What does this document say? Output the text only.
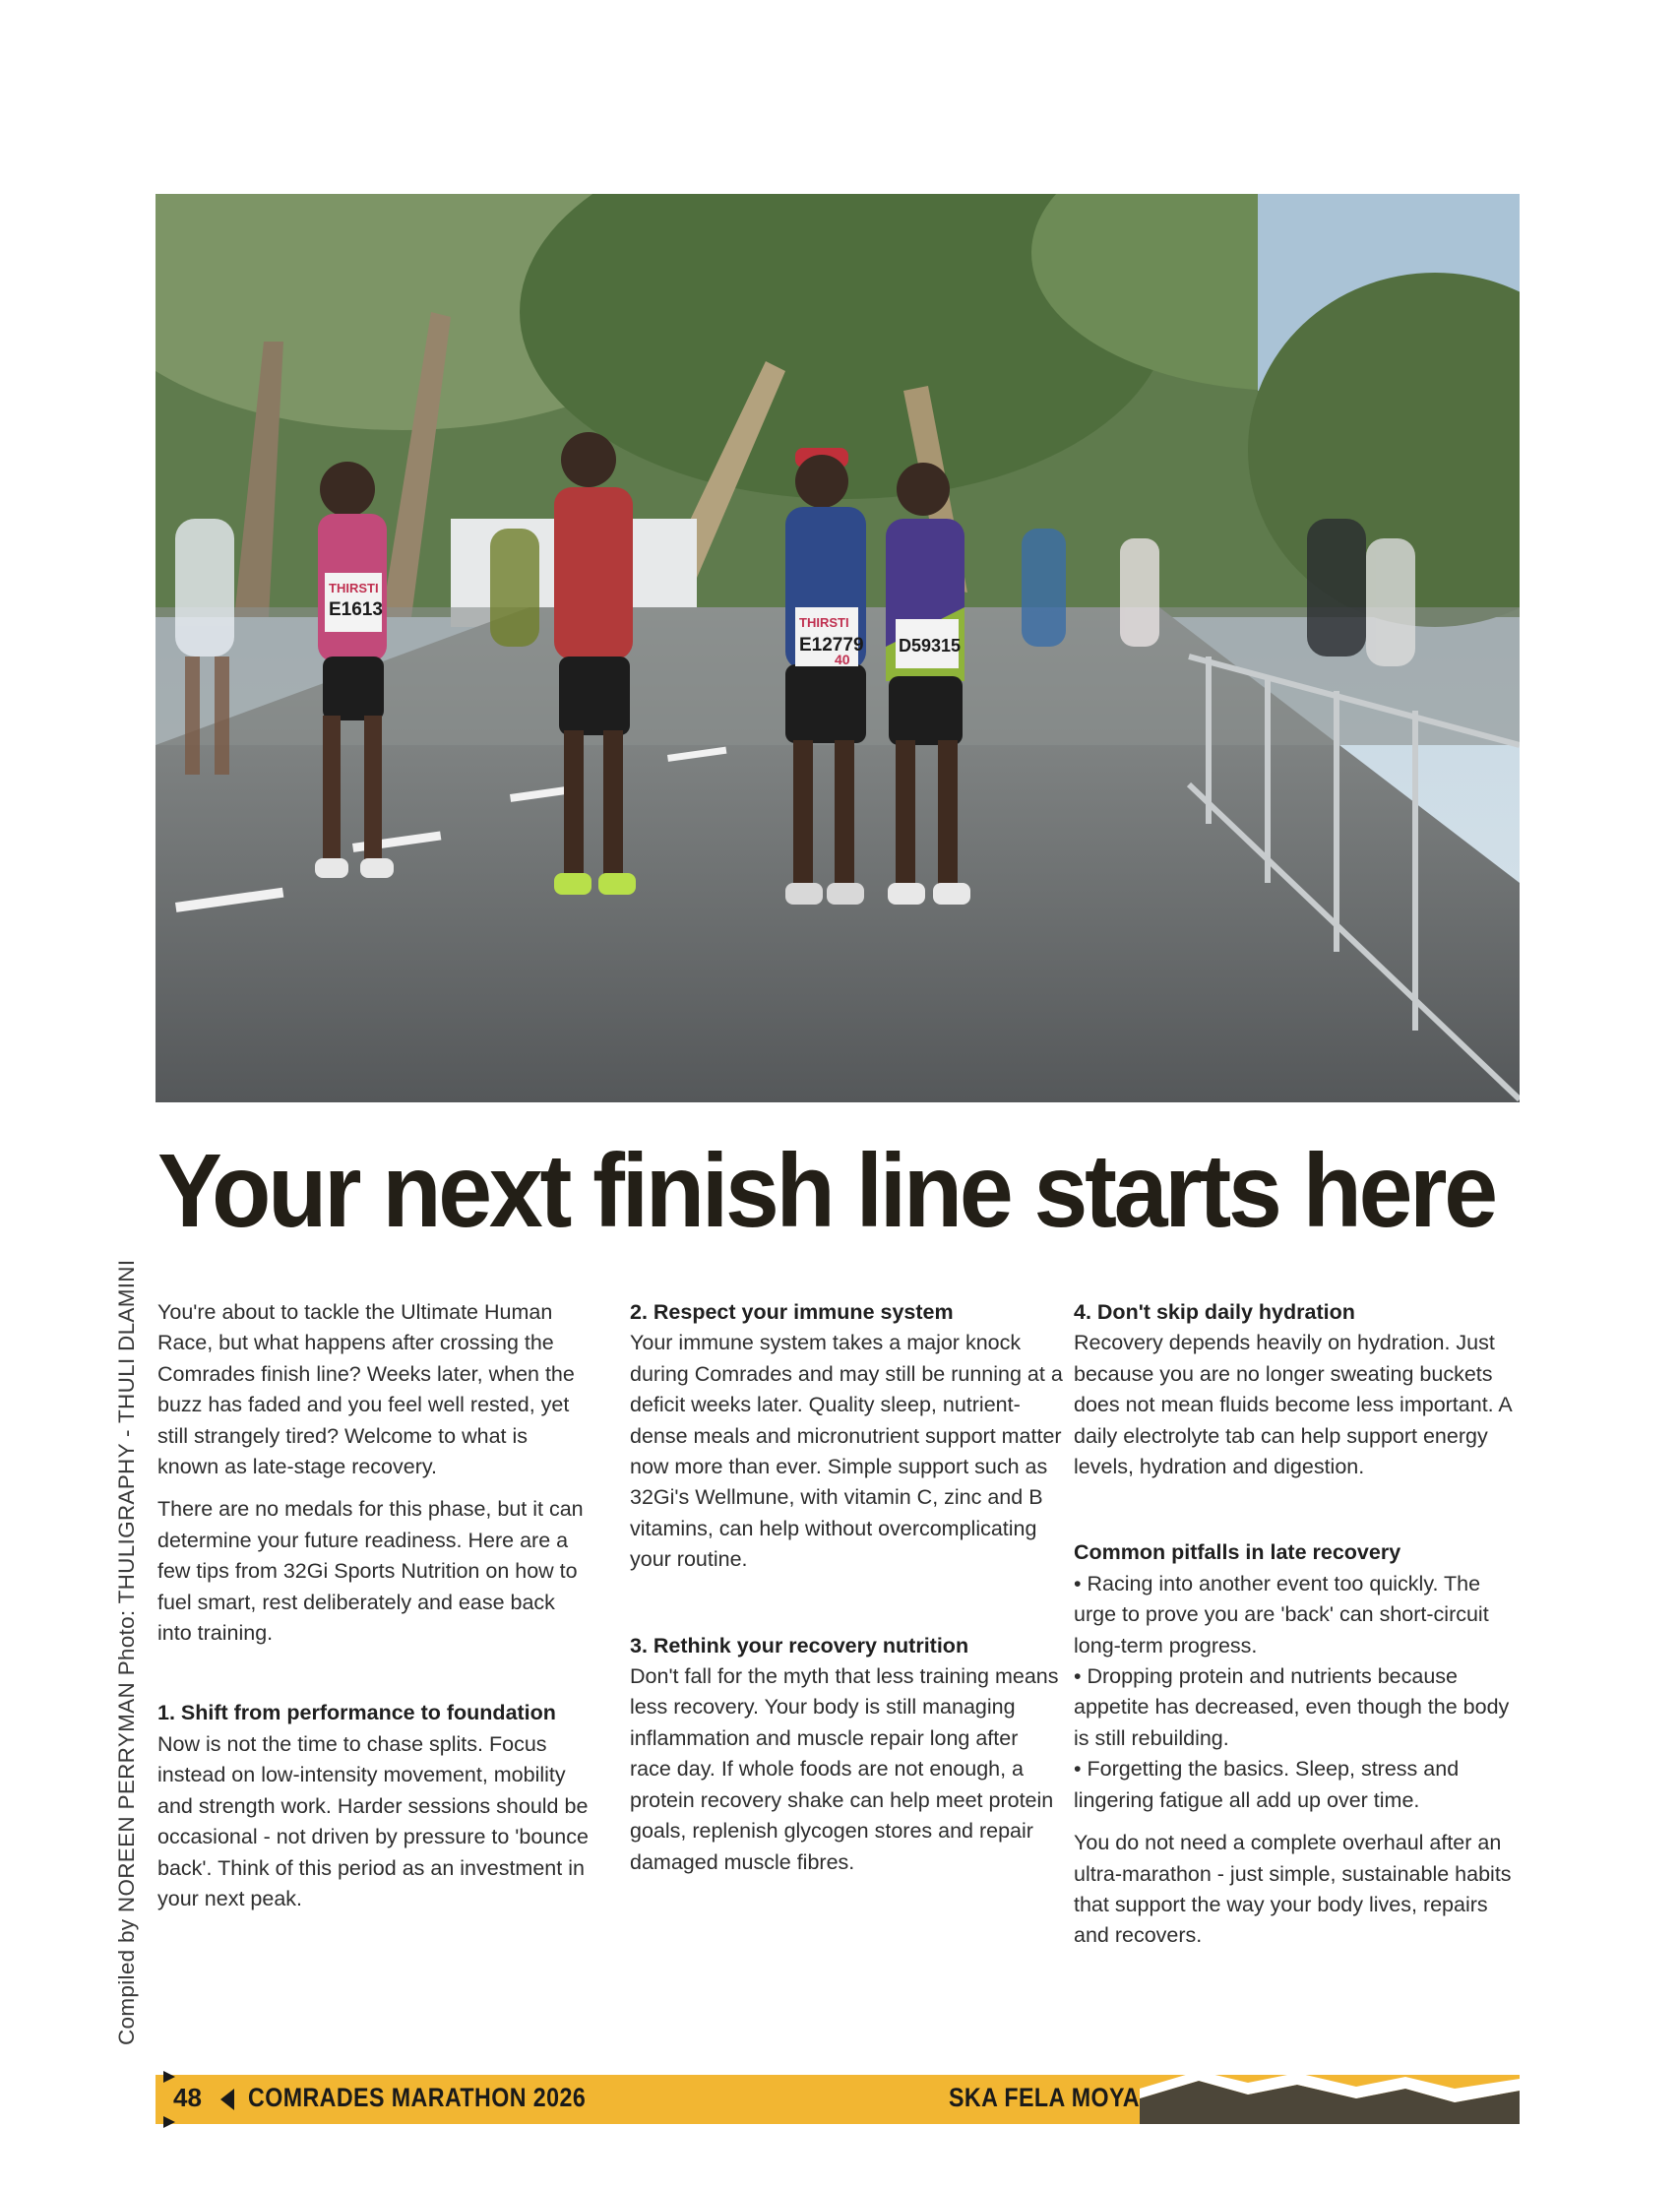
THIRSTI
E1613
THIRSTI
E12779
40
D59315
Compiled by NOREEN PERRYMAN Photo: THULIGRAPHY - THULI DLAMINI
Your next finish line starts here

You're about to tackle the Ultimate Human Race, but what happens after crossing the Comrades finish line? Weeks later, when the buzz has faded and you feel well rested, yet still strangely tired? Welcome to what is known as late-stage recovery.

There are no medals for this phase, but it can determine your future readiness. Here are a few tips from 32Gi Sports Nutrition on how to fuel smart, rest deliberately and ease back into training.

1. Shift from performance to foundation

Now is not the time to chase splits. Focus instead on low-intensity movement, mobility and strength work. Harder sessions should be occasional - not driven by pressure to 'bounce back'. Think of this period as an investment in your next peak.

2. Respect your immune system

Your immune system takes a major knock during Comrades and may still be running at a deficit weeks later. Quality sleep, nutrient-dense meals and micronutrient support matter now more than ever. Simple support such as 32Gi's Wellmune, with vitamin C, zinc and B vitamins, can help without overcomplicating your routine.

3. Rethink your recovery nutrition

Don't fall for the myth that less training means less recovery. Your body is still managing inflammation and muscle repair long after race day. If whole foods are not enough, a protein recovery shake can help meet protein goals, replenish glycogen stores and repair damaged muscle fibres.

4. Don't skip daily hydration

Recovery depends heavily on hydration. Just because you are no longer sweating buckets does not mean fluids become less important. A daily electrolyte tab can help support energy levels, hydration and digestion.

Common pitfalls in late recovery

• Racing into another event too quickly. The urge to prove you are 'back' can short-circuit long-term progress.

• Dropping protein and nutrients because appetite has decreased, even though the body is still rebuilding.

• Forgetting the basics. Sleep, stress and lingering fatigue all add up over time.

You do not need a complete overhaul after an ultra-marathon - just simple, sustainable habits that support the way your body lives, repairs and recovers.

48 COMRADES MARATHON 2026	SKA FELA MOYA
